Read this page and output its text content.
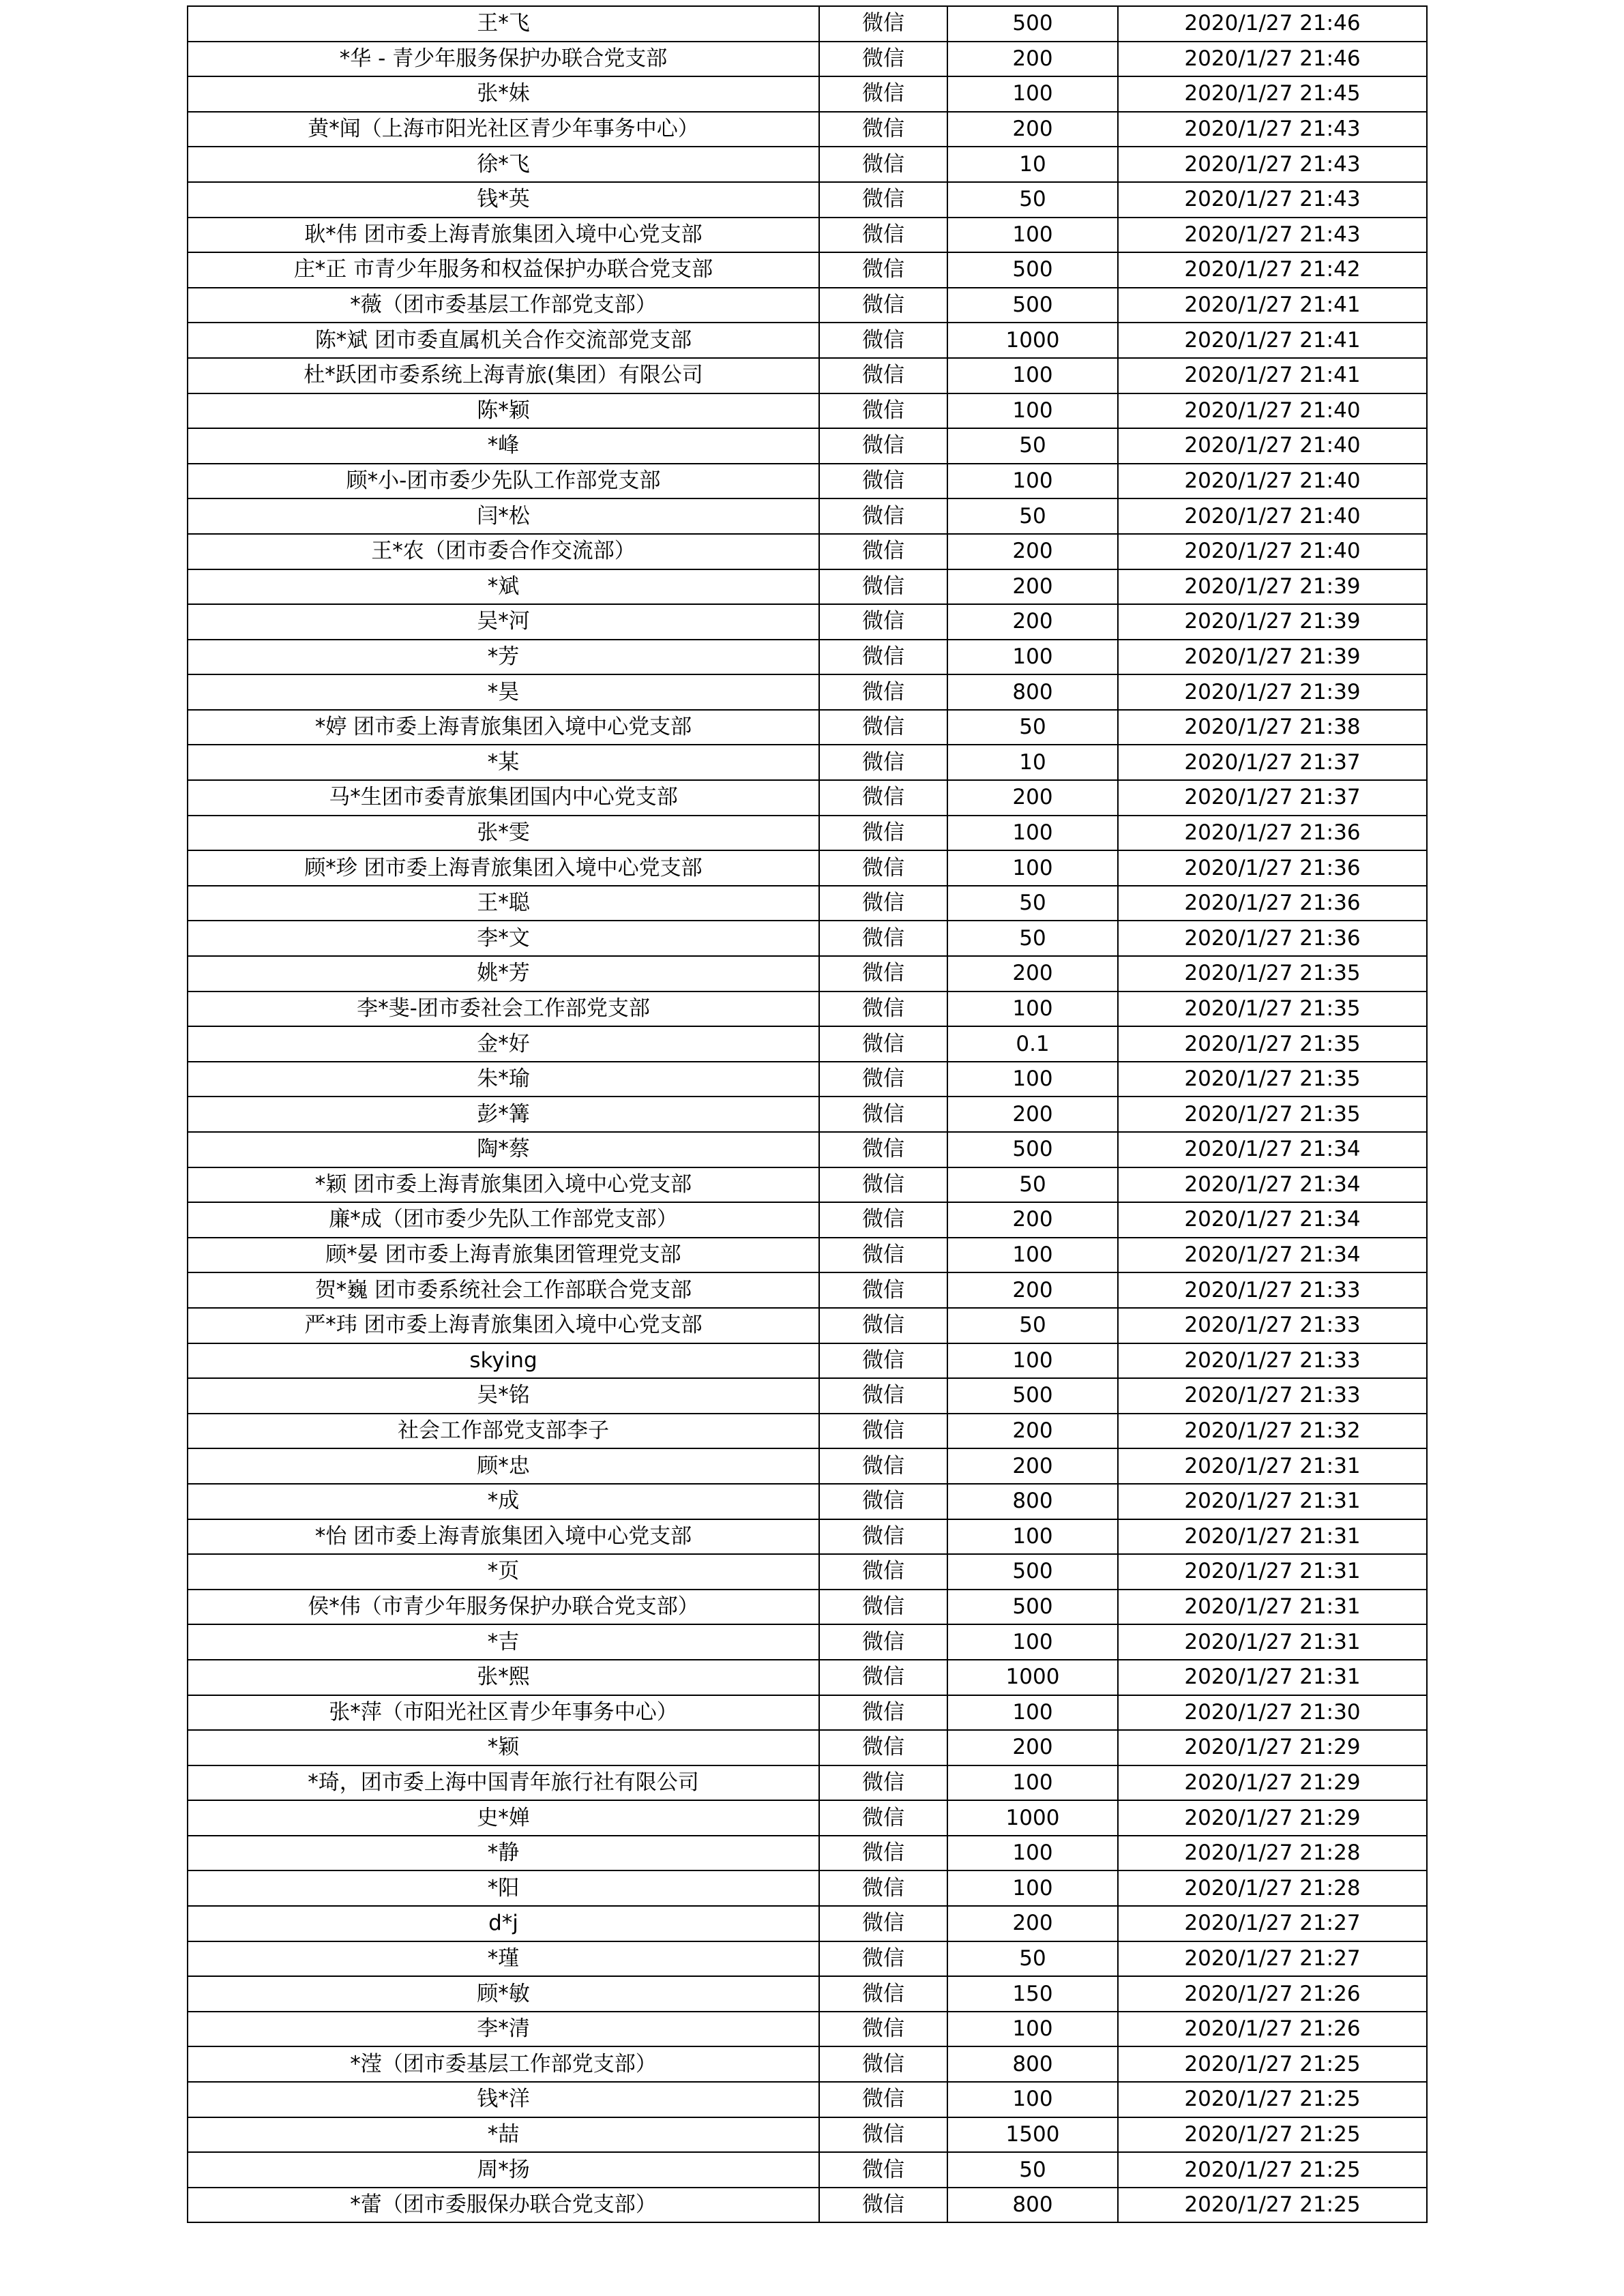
王*飞	微信	500	2020/1/27 21:46
*华 - 青少年服务保护办联合党支部	微信	200	2020/1/27 21:46
张*妹	微信	100	2020/1/27 21:45
黄*闻（上海市阳光社区青少年事务中心）	微信	200	2020/1/27 21:43
徐*飞	微信	10	2020/1/27 21:43
钱*英	微信	50	2020/1/27 21:43
耿*伟 团市委上海青旅集团入境中心党支部	微信	100	2020/1/27 21:43
庄*正 市青少年服务和权益保护办联合党支部	微信	500	2020/1/27 21:42
*薇（团市委基层工作部党支部）	微信	500	2020/1/27 21:41
陈*斌 团市委直属机关合作交流部党支部	微信	1000	2020/1/27 21:41
杜*跃团市委系统上海青旅(集团）有限公司	微信	100	2020/1/27 21:41
陈*颖	微信	100	2020/1/27 21:40
*峰	微信	50	2020/1/27 21:40
顾*小-团市委少先队工作部党支部	微信	100	2020/1/27 21:40
闫*松	微信	50	2020/1/27 21:40
王*农（团市委合作交流部）	微信	200	2020/1/27 21:40
*斌	微信	200	2020/1/27 21:39
吴*河	微信	200	2020/1/27 21:39
*芳	微信	100	2020/1/27 21:39
*昊	微信	800	2020/1/27 21:39
*婷 团市委上海青旅集团入境中心党支部	微信	50	2020/1/27 21:38
*某	微信	10	2020/1/27 21:37
马*生团市委青旅集团国内中心党支部	微信	200	2020/1/27 21:37
张*雯	微信	100	2020/1/27 21:36
顾*珍 团市委上海青旅集团入境中心党支部	微信	100	2020/1/27 21:36
王*聪	微信	50	2020/1/27 21:36
李*文	微信	50	2020/1/27 21:36
姚*芳	微信	200	2020/1/27 21:35
李*斐-团市委社会工作部党支部	微信	100	2020/1/27 21:35
金*好	微信	0.1	2020/1/27 21:35
朱*瑜	微信	100	2020/1/27 21:35
彭*篝	微信	200	2020/1/27 21:35
陶*蔡	微信	500	2020/1/27 21:34
*颖 团市委上海青旅集团入境中心党支部	微信	50	2020/1/27 21:34
廉*成（团市委少先队工作部党支部）	微信	200	2020/1/27 21:34
顾*晏 团市委上海青旅集团管理党支部	微信	100	2020/1/27 21:34
贺*巍 团市委系统社会工作部联合党支部	微信	200	2020/1/27 21:33
严*玮 团市委上海青旅集团入境中心党支部	微信	50	2020/1/27 21:33
skying	微信	100	2020/1/27 21:33
吴*铭	微信	500	2020/1/27 21:33
社会工作部党支部李子	微信	200	2020/1/27 21:32
顾*忠	微信	200	2020/1/27 21:31
*成	微信	800	2020/1/27 21:31
*怡 团市委上海青旅集团入境中心党支部	微信	100	2020/1/27 21:31
*页	微信	500	2020/1/27 21:31
侯*伟（市青少年服务保护办联合党支部）	微信	500	2020/1/27 21:31
*吉	微信	100	2020/1/27 21:31
张*熙	微信	1000	2020/1/27 21:31
张*萍（市阳光社区青少年事务中心）	微信	100	2020/1/27 21:30
*颖	微信	200	2020/1/27 21:29
*琦，团市委上海中国青年旅行社有限公司	微信	100	2020/1/27 21:29
史*婵	微信	1000	2020/1/27 21:29
*静	微信	100	2020/1/27 21:28
*阳	微信	100	2020/1/27 21:28
d*j	微信	200	2020/1/27 21:27
*瑾	微信	50	2020/1/27 21:27
顾*敏	微信	150	2020/1/27 21:26
李*清	微信	100	2020/1/27 21:26
*滢（团市委基层工作部党支部）	微信	800	2020/1/27 21:25
钱*洋	微信	100	2020/1/27 21:25
*喆	微信	1500	2020/1/27 21:25
周*扬	微信	50	2020/1/27 21:25
*蕾（团市委服保办联合党支部）	微信	800	2020/1/27 21:25
